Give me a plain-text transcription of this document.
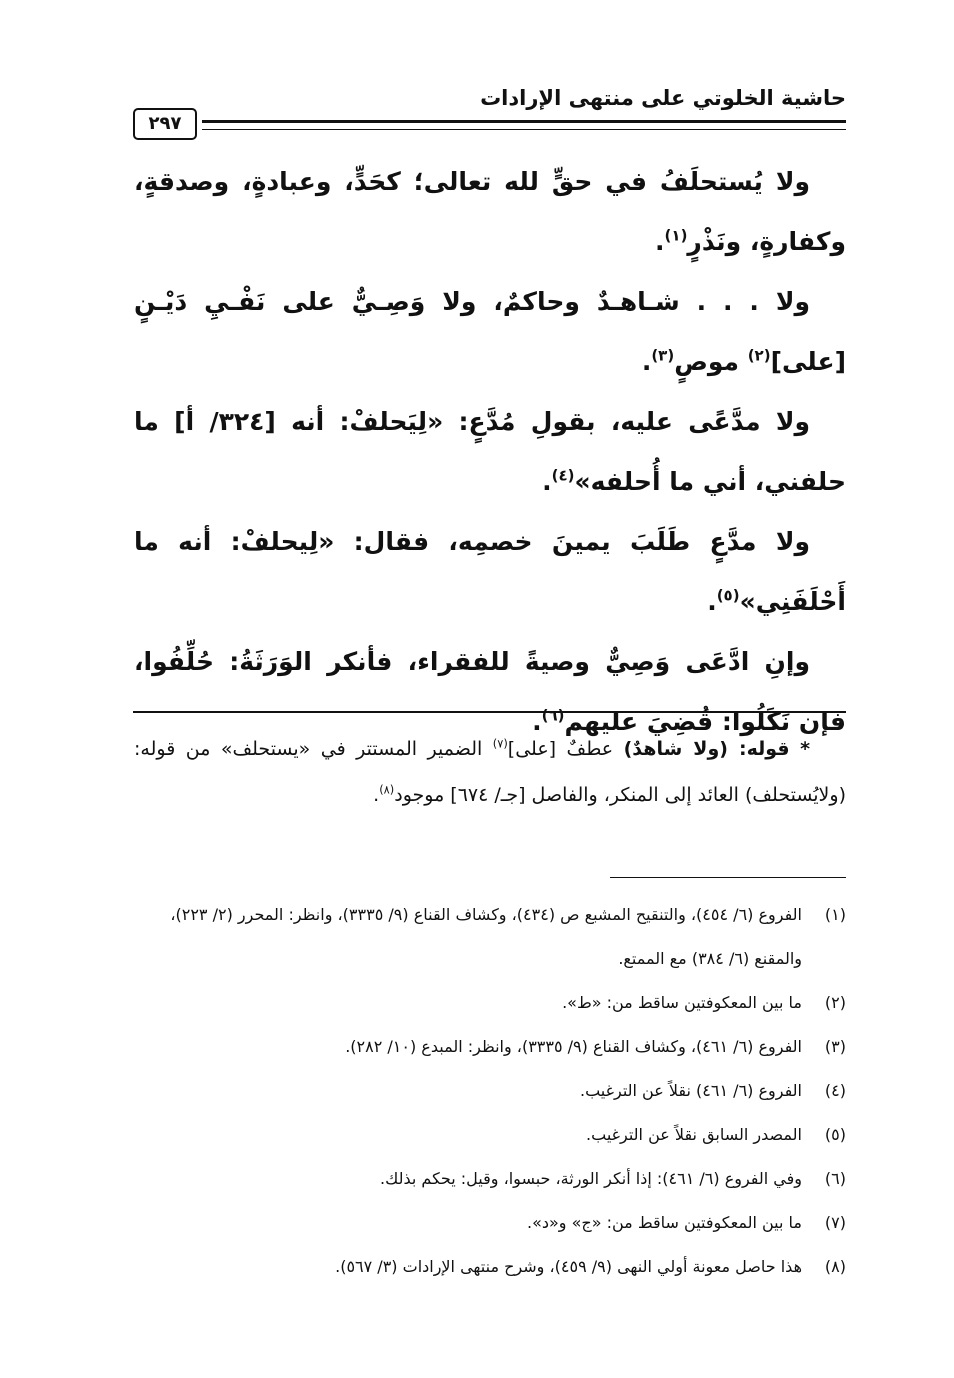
حاشية الخلوتي على منتهى الإرادات
٢٩٧

ولا يُستحلَفُ في حقٍّ لله تعالى؛ كحَدٍّ، وعبادةٍ، وصدقةٍ، وكفارةٍ، ونَذْرٍ$^{(١)}$.

ولا . . . شـاهـدٌ وحاكمٌ، ولا وَصِـيٌّ على نَفْـيِ دَيْـنٍ [على]$^{(٢)}$ موصٍ$^{(٣)}$.

ولا مدَّعًى عليه، بقولِ مُدَّعٍ: «لِيَحلفْ: أنه [٣٢٤/ أ] ما حلفني، أني ما أُحلفه»$^{(٤)}$.

ولا مدَّعٍ طَلَبَ يمينَ خصمِه، فقال: «لِيحلفْ: أنه ما أَحْلَفَنِي»$^{(٥)}$.

وإنِ ادَّعَى وَصِيٌّ وصيةً للفقراء، فأنكر الوَرَثَةُ: حُلِّفُوا، فإن نَكَلُوا: قُضِيَ عليهم$^{(٦)}$.

* قوله: (ولا شاهدٌ) عطفٌ [على]$^{(٧)}$ الضمير المستتر في «يستحلف» من قوله: (ولايُستحلف) العائد إلى المنكر، والفاصل [جـ/ ٦٧٤] موجود$^{(٨)}$.

(١)
الفروع (٦/ ٤٥٤)، والتنقيح المشبع ص (٤٣٤)، وكشاف القناع (٩/ ٣٣٣٥)، وانظر: المحرر (٢/ ٢٢٣)، والمقنع (٦/ ٣٨٤) مع الممتع.

(٢)
ما بين المعكوفتين ساقط من: «ط».

(٣)
الفروع (٦/ ٤٦١)، وكشاف القناع (٩/ ٣٣٣٥)، وانظر: المبدع (١٠/ ٢٨٢).

(٤)
الفروع (٦/ ٤٦١) نقلاً عن الترغيب.

(٥)
المصدر السابق نقلاً عن الترغيب.

(٦)
وفي الفروع (٦/ ٤٦١): إذا أنكر الورثة، حبسوا، وقيل: يحكم بذلك.

(٧)
ما بين المعكوفتين ساقط من: «ج» و«د».

(٨)
هذا حاصل معونة أولي النهى (٩/ ٤٥٩)، وشرح منتهى الإرادات (٣/ ٥٦٧).
